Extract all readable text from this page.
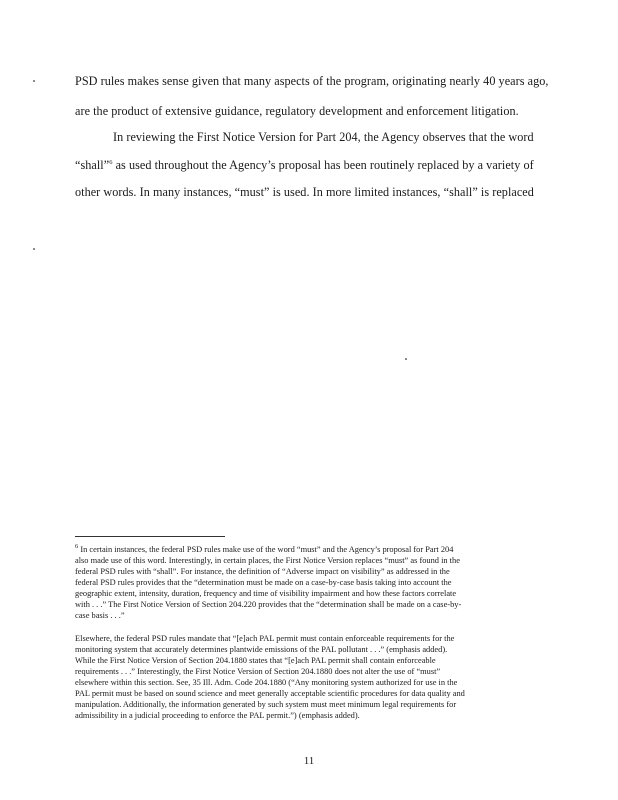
PSD rules makes sense given that many aspects of the program, originating nearly 40 years ago,
are the product of extensive guidance, regulatory development and enforcement litigation.
In reviewing the First Notice Version for Part 204, the Agency observes that the word
“shall”$^6$ as used throughout the Agency’s proposal has been routinely replaced by a variety of
other words. In many instances, “must” is used. In more limited instances, “shall” is replaced
$^6$ In certain instances, the federal PSD rules make use of the word “must” and the Agency’s proposal for Part 204
also made use of this word. Interestingly, in certain places, the First Notice Version replaces “must” as found in the
federal PSD rules with “shall”. For instance, the definition of “Adverse impact on visibility” as addressed in the
federal PSD rules provides that the “determination must be made on a case-by-case basis taking into account the
geographic extent, intensity, duration, frequency and time of visibility impairment and how these factors correlate
with . . .” The First Notice Version of Section 204.220 provides that the “determination shall be made on a case-by-
case basis . . .”
Elsewhere, the federal PSD rules mandate that “[e]ach PAL permit must contain enforceable requirements for the
monitoring system that accurately determines plantwide emissions of the PAL pollutant . . .” (emphasis added).
While the First Notice Version of Section 204.1880 states that “[e]ach PAL permit shall contain enforceable
requirements . . .” Interestingly, the First Notice Version of Section 204.1880 does not alter the use of “must”
elsewhere within this section. See, 35 Ill. Adm. Code 204.1880 (“Any monitoring system authorized for use in the
PAL permit must be based on sound science and meet generally acceptable scientific procedures for data quality and
manipulation. Additionally, the information generated by such system must meet minimum legal requirements for
admissibility in a judicial proceeding to enforce the PAL permit.”) (emphasis added).
11
